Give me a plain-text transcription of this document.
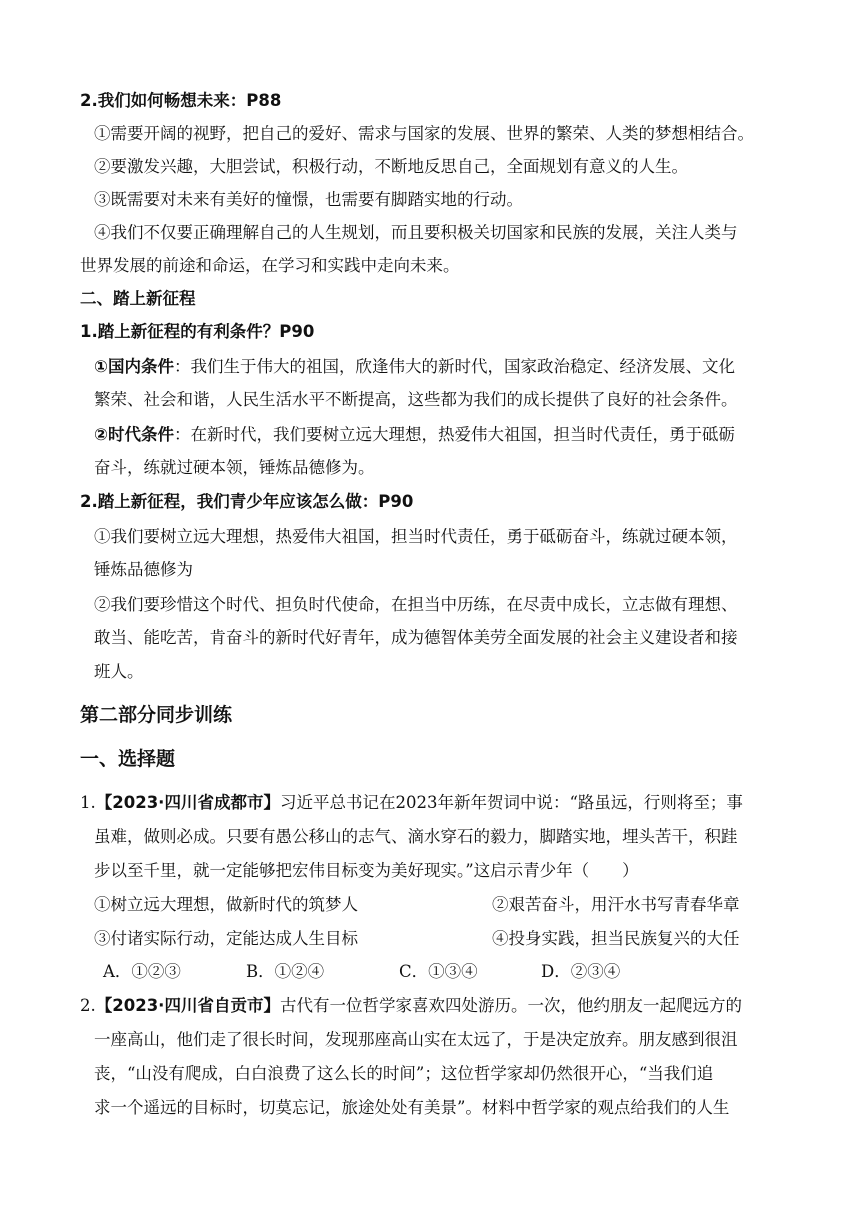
2.我们如何畅想未来：P88
①需要开阔的视野，把自己的爱好、需求与国家的发展、世界的繁荣、人类的梦想相结合。
②要激发兴趣，大胆尝试，积极行动，不断地反思自己，全面规划有意义的人生。
③既需要对未来有美好的憧憬，也需要有脚踏实地的行动。
④我们不仅要正确理解自己的人生规划，而且要积极关切国家和民族的发展，关注人类与
世界发展的前途和命运，在学习和实践中走向未来。
二、踏上新征程
1.踏上新征程的有利条件？P90
①国内条件：我们生于伟大的祖国，欣逢伟大的新时代，国家政治稳定、经济发展、文化
繁荣、社会和谐，人民生活水平不断提高，这些都为我们的成长提供了良好的社会条件。
②时代条件：在新时代，我们要树立远大理想，热爱伟大祖国，担当时代责任，勇于砥砺
奋斗，练就过硬本领，锤炼品德修为。
2.踏上新征程，我们青少年应该怎么做：P90
①我们要树立远大理想，热爱伟大祖国，担当时代责任，勇于砥砺奋斗，练就过硬本领，
锤炼品德修为
②我们要珍惜这个时代、担负时代使命，在担当中历练，在尽责中成长，立志做有理想、
敢当、能吃苦，肯奋斗的新时代好青年，成为德智体美劳全面发展的社会主义建设者和接
班人。
第二部分同步训练
一、选择题
1.【2023·四川省成都市】习近平总书记在2023年新年贺词中说：“路虽远，行则将至；事
虽难，做则必成。只要有愚公移山的志气、滴水穿石的毅力，脚踏实地，埋头苦干，积跬
步以至千里，就一定能够把宏伟目标变为美好现实。”这启示青少年（　　）
①树立远大理想，做新时代的筑梦人	②艰苦奋斗，用汗水书写青春华章
③付诸实际行动，定能达成人生目标	④投身实践，担当民族复兴的大任
A．①②③	B．①②④	C．①③④	D．②③④
2.【2023·四川省自贡市】古代有一位哲学家喜欢四处游历。一次，他约朋友一起爬远方的
一座高山，他们走了很长时间，发现那座高山实在太远了，于是决定放弃。朋友感到很沮
丧，“山没有爬成，白白浪费了这么长的时间”；这位哲学家却仍然很开心，“当我们追
求一个遥远的目标时，切莫忘记，旅途处处有美景”。材料中哲学家的观点给我们的人生
